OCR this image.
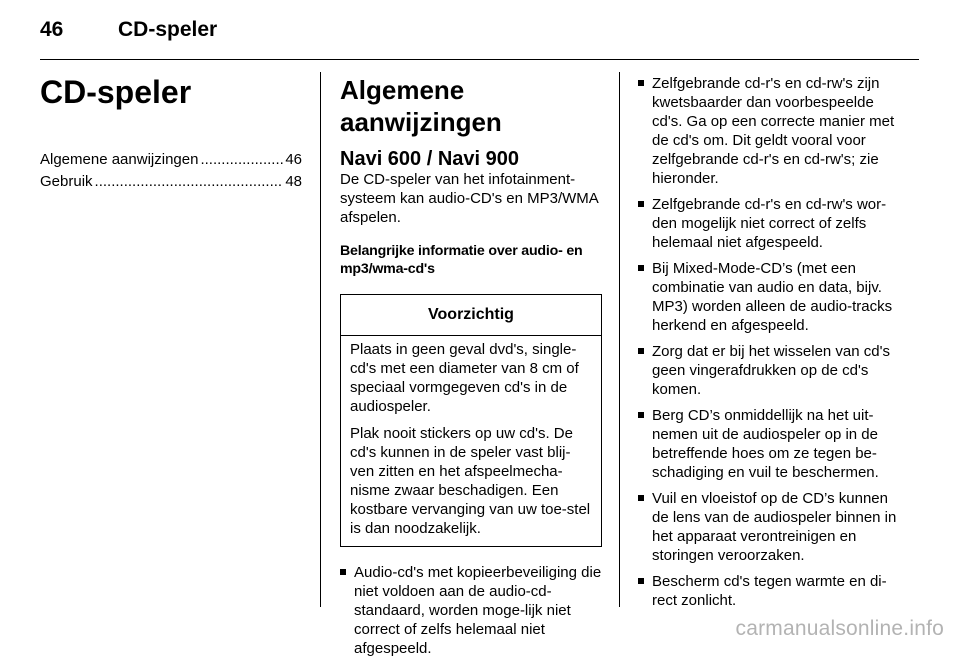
46	CD-speler
CD-speler
Algemene aanwijzingen .....	46
Gebruik .....	48
Algemene aanwijzingen
Navi 600 / Navi 900

De CD-speler van het infotainment-systeem kan audio-CD's en MP3/WMA afspelen.

Belangrijke informatie over audio- en mp3/wma-cd's

Voorzichtig

Plaats in geen geval dvd's, single-cd's met een diameter van 8 cm of speciaal vormgegeven cd's in de audiospeler.

Plak nooit stickers op uw cd's. De cd's kunnen in de speler vast blij-ven zitten en het afspeelmecha-nisme zwaar beschadigen. Een kostbare vervanging van uw toe-stel is dan noodzakelijk.

Audio-cd's met kopieerbeveiliging die niet voldoen aan de audio-cd-standaard, worden moge-lijk niet correct of zelfs helemaal niet afgespeeld.
Zelfgebrande cd-r's en cd-rw's zijn kwetsbaarder dan voorbespeelde cd's. Ga op een correcte manier met de cd's om. Dit geldt vooral voor zelfgebrande cd-r's en cd-rw's; zie hieronder.
Zelfgebrande cd-r's en cd-rw's wor-den mogelijk niet correct of zelfs helemaal niet afgespeeld.
Bij Mixed-Mode-CD’s (met een combinatie van audio en data, bijv. MP3) worden alleen de audio-tracks herkend en afgespeeld.
Zorg dat er bij het wisselen van cd's geen vingerafdrukken op de cd's komen.
Berg CD’s onmiddellijk na het uit-nemen uit de audiospeler op in de betreffende hoes om ze tegen be-schadiging en vuil te beschermen.
Vuil en vloeistof op de CD’s kunnen de lens van de audiospeler binnen in het apparaat verontreinigen en storingen veroorzaken.
Bescherm cd's tegen warmte en di-rect zonlicht.
carmanualsonline.info
